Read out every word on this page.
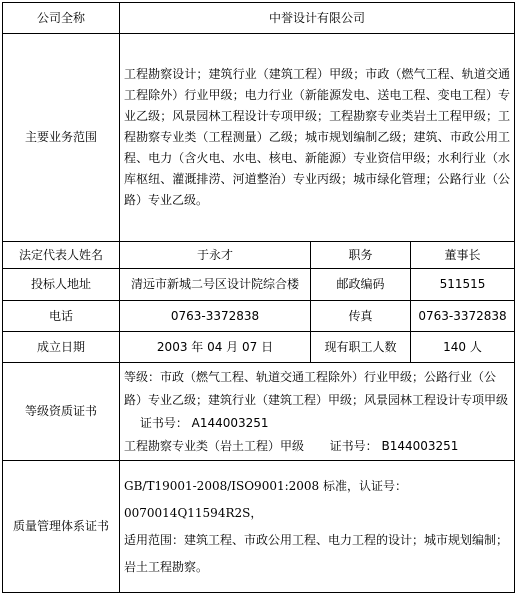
公司全称	中誉设计有限公司		
主要业务范围	工程勘察设计；建筑行业（建筑工程）甲级；市政（燃气工程、轨道交通工程除外）行业甲级；电力行业（新能源发电、送电工程、变电工程）专业乙级；风景园林工程设计专项甲级；工程勘察专业类岩土工程甲级；工程勘察专业类（工程测量）乙级；城市规划编制乙级；建筑、市政公用工程、电力（含火电、水电、核电、新能源）专业资信甲级；水利行业（水库枢纽、灌溉排涝、河道整治）专业丙级；城市绿化管理；公路行业（公路）专业乙级。		
法定代表人姓名	于永才	职务	董事长
投标人地址	清远市新城二号区设计院综合楼	邮政编码	511515
电话	0763-3372838	传真	0763-3372838
成立日期	2003 年 04 月 07 日	现有职工人数	140 人
等级资质证书	等级：市政（燃气工程、轨道交通工程除外）行业甲级；公路行业（公路）专业乙级；建筑行业（建筑工程）甲级；风景园林工程设计专项甲级  证书号： A144003251
工程勘察专业类（岩土工程）甲级 证书号： B144003251		
质量管理体系证书	GB/T19001-2008/ISO9001:2008 标准，认证号：0070014Q11594R2S，
适用范围：建筑工程、市政公用工程、电力工程的设计；城市规划编制；岩土工程勘察。		
